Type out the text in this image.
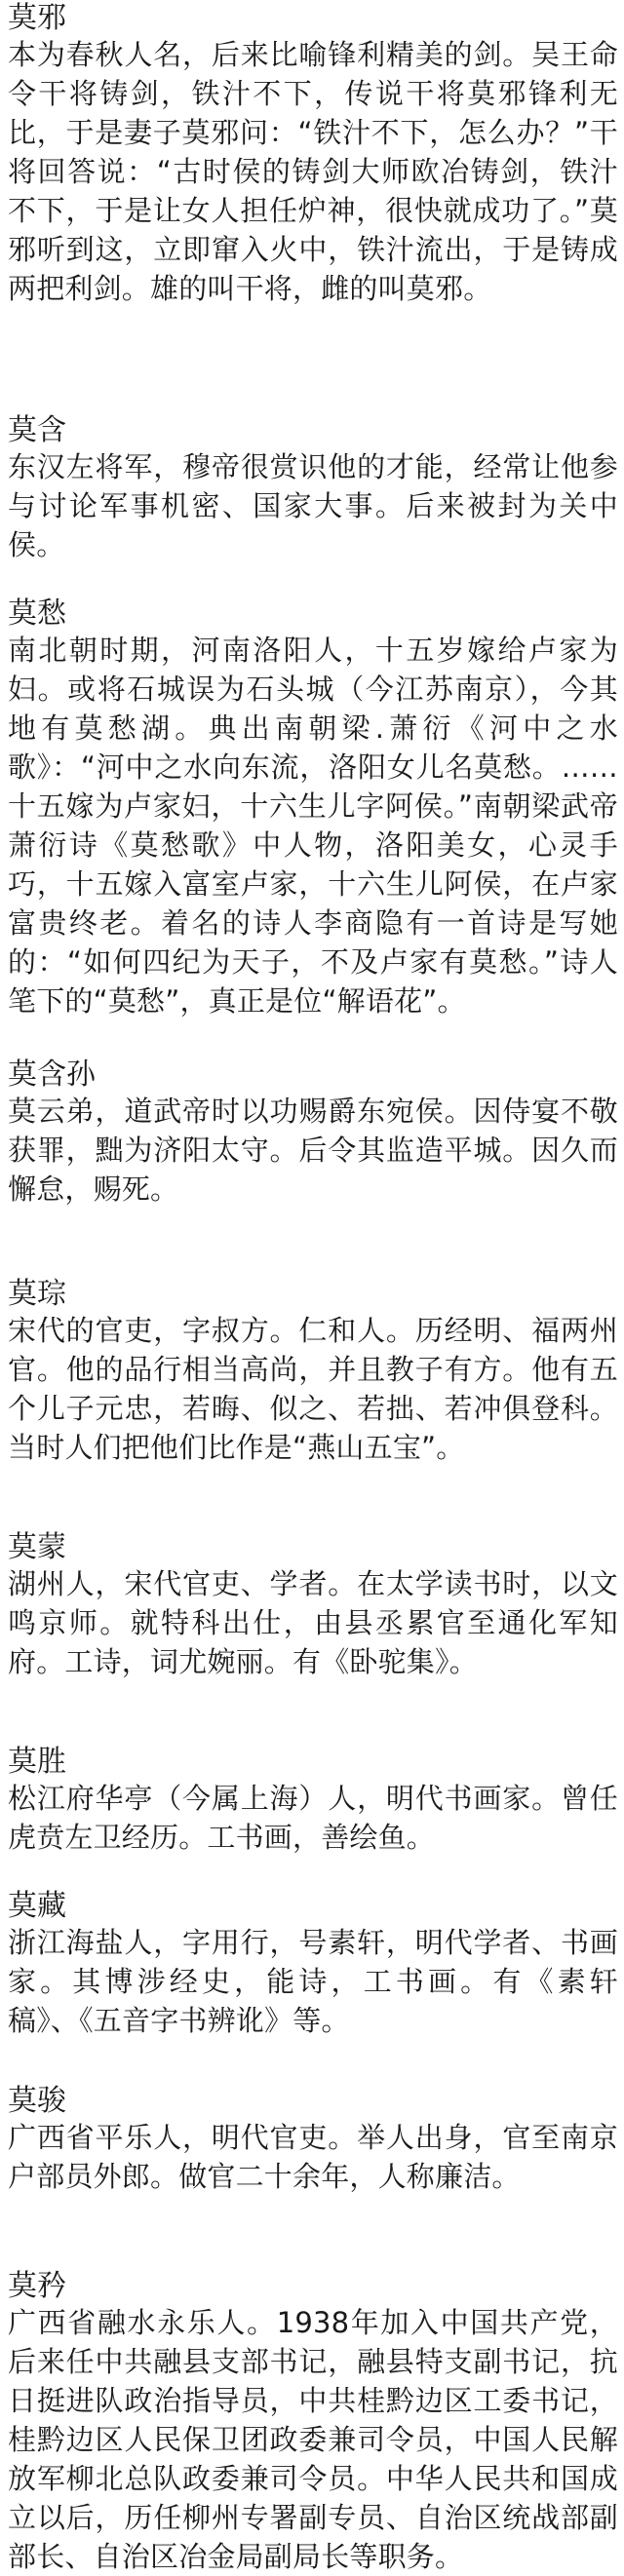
莫邪

本为春秋人名，后来比喻锋利精美的剑。吴王命令干将铸剑，铁汁不下，传说干将莫邪锋利无比，于是妻子莫邪问：“铁汁不下，怎么办？”干将回答说：“古时侯的铸剑大师欧冶铸剑，铁汁不下，于是让女人担任炉神，很快就成功了。”莫邪听到这，立即窜入火中，铁汁流出，于是铸成两把利剑。雄的叫干将，雌的叫莫邪。

莫含

东汉左将军，穆帝很赏识他的才能，经常让他参与讨论军事机密、国家大事。后来被封为关中侯。

莫愁

南北朝时期，河南洛阳人，十五岁嫁给卢家为妇。或将石城误为石头城（今江苏南京），今其地有莫愁湖。典出南朝梁.萧衍《河中之水歌》：“河中之水向东流，洛阳女儿名莫愁。……十五嫁为卢家妇，十六生儿字阿侯。”南朝梁武帝萧衍诗《莫愁歌》中人物，洛阳美女，心灵手巧，十五嫁入富室卢家，十六生儿阿侯，在卢家富贵终老。着名的诗人李商隐有一首诗是写她的：“如何四纪为天子，不及卢家有莫愁。”诗人笔下的“莫愁”，真正是位“解语花”。

莫含孙

莫云弟，道武帝时以功赐爵东宛侯。因侍宴不敬获罪，黜为济阳太守。后令其监造平城。因久而懈怠，赐死。

莫琮

宋代的官吏，字叔方。仁和人。历经明、福两州官。他的品行相当高尚，并且教子有方。他有五个儿子元忠，若晦、似之、若拙、若冲俱登科。当时人们把他们比作是“燕山五宝”。

莫蒙

湖州人，宋代官吏、学者。在太学读书时，以文鸣京师。就特科出仕，由县丞累官至通化军知府。工诗，词尤婉丽。有《卧驼集》。

莫胜

松江府华亭（今属上海）人，明代书画家。曾任虎贲左卫经历。工书画，善绘鱼。

莫藏

浙江海盐人，字用行，号素轩，明代学者、书画家。其博涉经史，能诗，工书画。有《素轩稿》、《五音字书辨讹》等。

莫骏

广西省平乐人，明代官吏。举人出身，官至南京户部员外郎。做官二十余年，人称廉洁。

莫矜

广西省融水永乐人。1938年加入中国共产党，后来任中共融县支部书记，融县特支副书记，抗日挺进队政治指导员，中共桂黔边区工委书记，桂黔边区人民保卫团政委兼司令员，中国人民解放军柳北总队政委兼司令员。中华人民共和国成立以后，历任柳州专署副专员、自治区统战部副部长、自治区冶金局副局长等职务。
